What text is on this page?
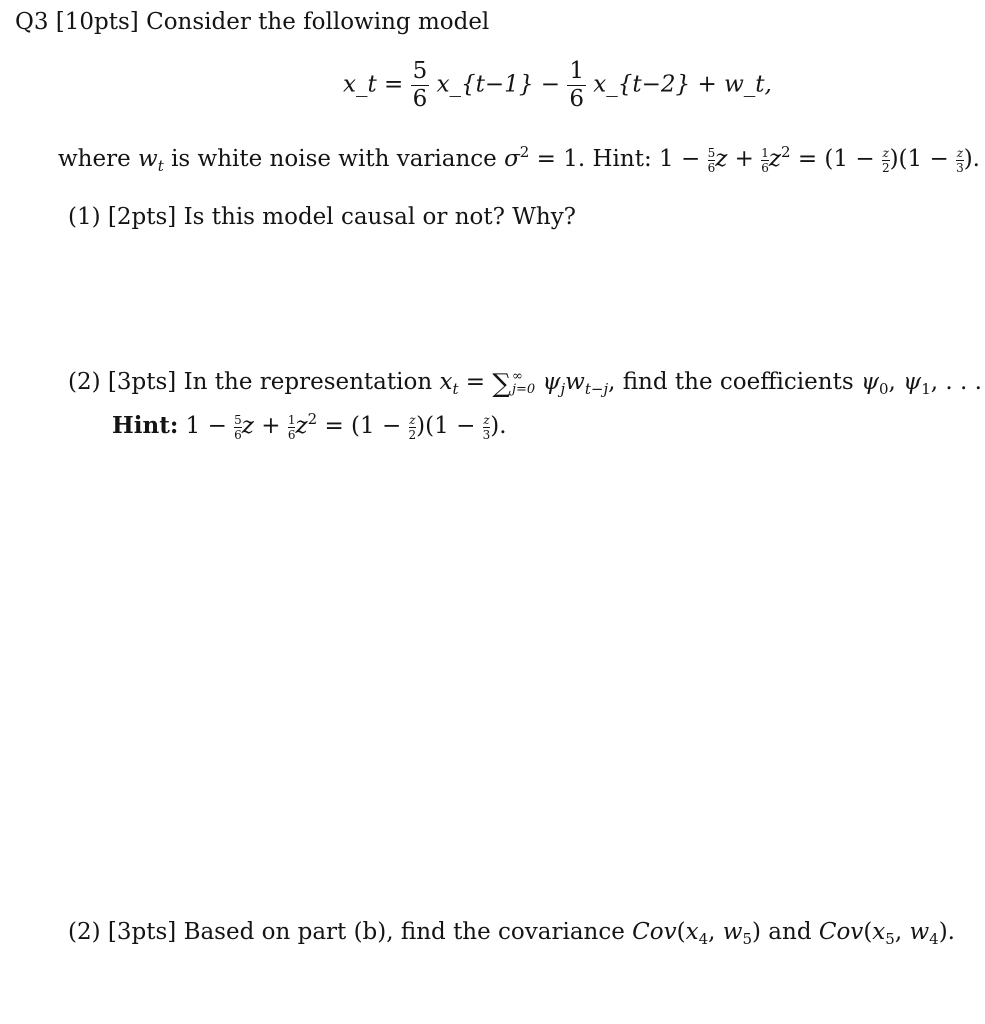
Q3 [10pts] Consider the following model
x_t = $\frac{5}{6}$ x_{t−1} − $\frac{1}{6}$ x_{t−2} + w_t,
where $w_t$ is white noise with variance $\sigma^2 = 1$. Hint: $1 - \frac{5}{6}$ $z + \frac{1}{6} z^2 = (1 - \frac{z}{2} )(1 - \frac{z}{3}$ ).
(1) [2pts] Is this model causal or not? Why?
(2) [3pts] In the representation $x_t$ = ∑ ∞
j=0 $\psi_jw_{t-j}$, find the coefficients $\psi_0$, $\psi_1$, . . .
Hint: $1 - \frac{5}{6}$ $z + \frac{1}{6} z^2 = (1 - \frac{z}{2} )(1 - \frac{z}{3}$ ).
(2) [3pts] Based on part (b), find the covariance $Cov(x_4$, $w_5$) and $Cov(x_5$, $w_4$).
